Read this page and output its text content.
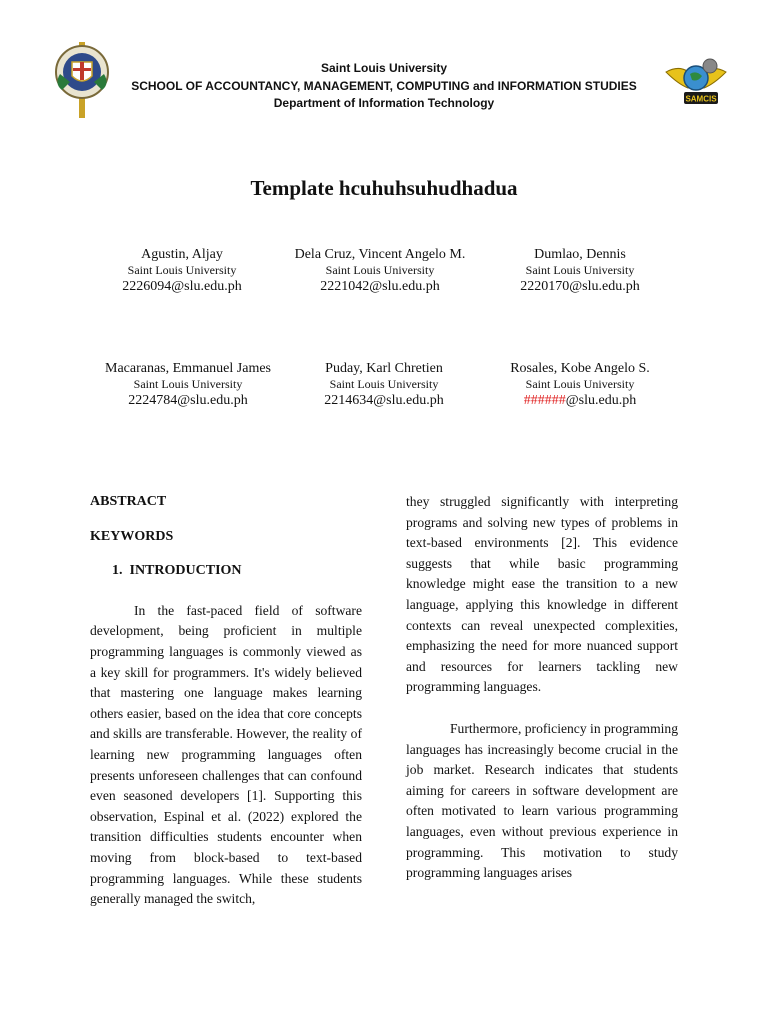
Saint Louis University
SCHOOL OF ACCOUNTANCY, MANAGEMENT, COMPUTING and INFORMATION STUDIES
Department of Information Technology	SAMCIS
Template hcuhuhsuhudhadua
Agustin, Aljay
Saint Louis University
2226094@slu.edu.ph
Dela Cruz, Vincent Angelo M.
Saint Louis University
2221042@slu.edu.ph
Dumlao, Dennis
Saint Louis University
2220170@slu.edu.ph
Macaranas, Emmanuel James
Saint Louis University
2224784@slu.edu.ph
Puday, Karl Chretien
Saint Louis University
2214634@slu.edu.ph
Rosales, Kobe Angelo S.
Saint Louis University
######@slu.edu.ph

ABSTRACT

KEYWORDS

1. INTRODUCTION

In the fast-paced field of software development, being proficient in multiple programming languages is commonly viewed as a key skill for programmers. It's widely believed that mastering one language makes learning others easier, based on the idea that core concepts and skills are transferable. However, the reality of learning new programming languages often presents unforeseen challenges that can confound even seasoned developers [1]. Supporting this observation, Espinal et al. (2022) explored the transition difficulties students encounter when moving from block-based to text-based programming languages. While these students generally managed the switch,

they struggled significantly with interpreting programs and solving new types of problems in text-based environments [2]. This evidence suggests that while basic programming knowledge might ease the transition to a new language, applying this knowledge in different contexts can reveal unexpected complexities, emphasizing the need for more nuanced support and resources for learners tackling new programming languages.

Furthermore, proficiency in programming languages has increasingly become crucial in the job market. Research indicates that students aiming for careers in software development are often motivated to learn various programming languages, even without previous experience in programming. This motivation to study programming languages arises
